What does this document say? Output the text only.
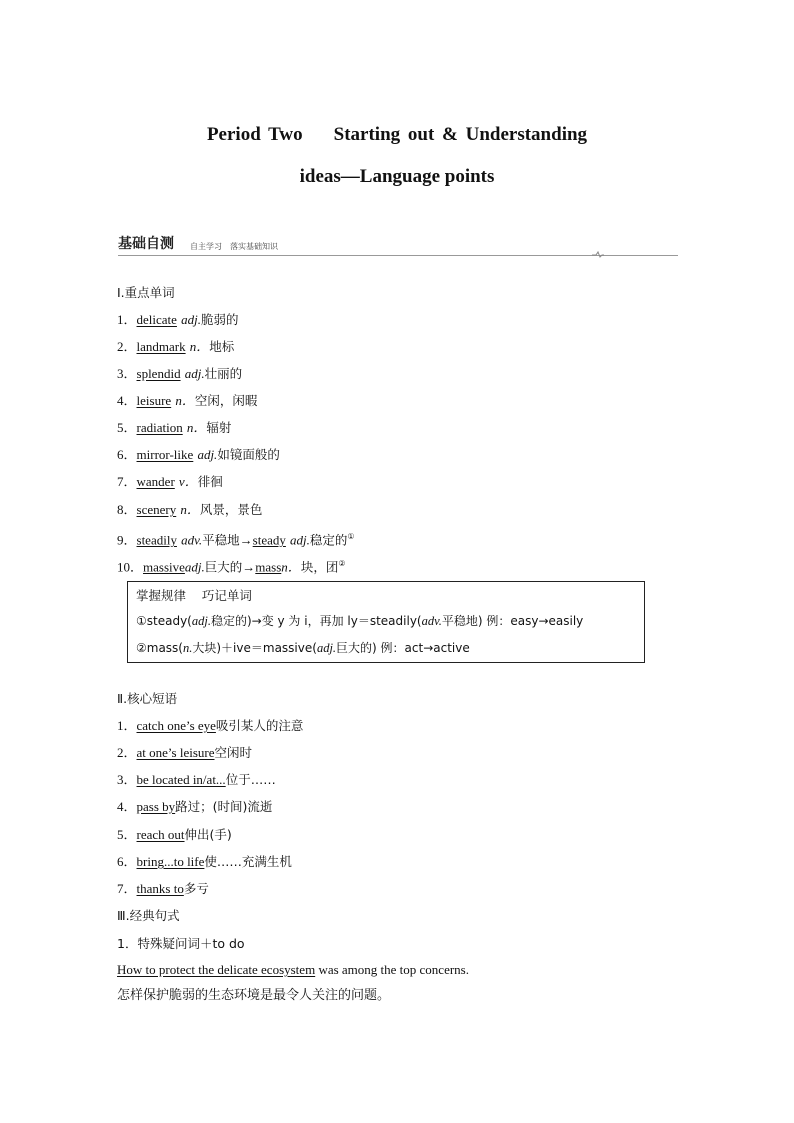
Period Two    Starting out & Understanding
ideas—Language points
基础自测 自主学习 落实基础知识
Ⅰ.重点单词
1．delicate adj.脆弱的
2．landmark n．地标
3．splendid adj.壮丽的
4．leisure n．空闲，闲暇
5．radiation n．辐射
6．mirror-like adj.如镜面般的
7．wander v．徘徊
8．scenery n．风景，景色
9．steadily adv.平稳地→steady adj.稳定的①
10．massiveadj.巨大的→massn．块，团②
掌握规律    巧记单词
①steady(adj.稳定的)→变 y 为 i，再加 ly＝steadily(adv.平稳地) 例：easy→easily
②mass(n.大块)＋ive＝massive(adj.巨大的) 例：act→active
Ⅱ.核心短语
1．catch one’s eye吸引某人的注意
2．at one’s leisure空闲时
3．be located in/at...位于……
4．pass by路过；(时间)流逝
5．reach out伸出(手)
6．bring...to life使……充满生机
7．thanks to多亏
Ⅲ.经典句式
1．特殊疑问词＋to do
How to protect the delicate ecosystem was among the top concerns.
怎样保护脆弱的生态环境是最令人关注的问题。
